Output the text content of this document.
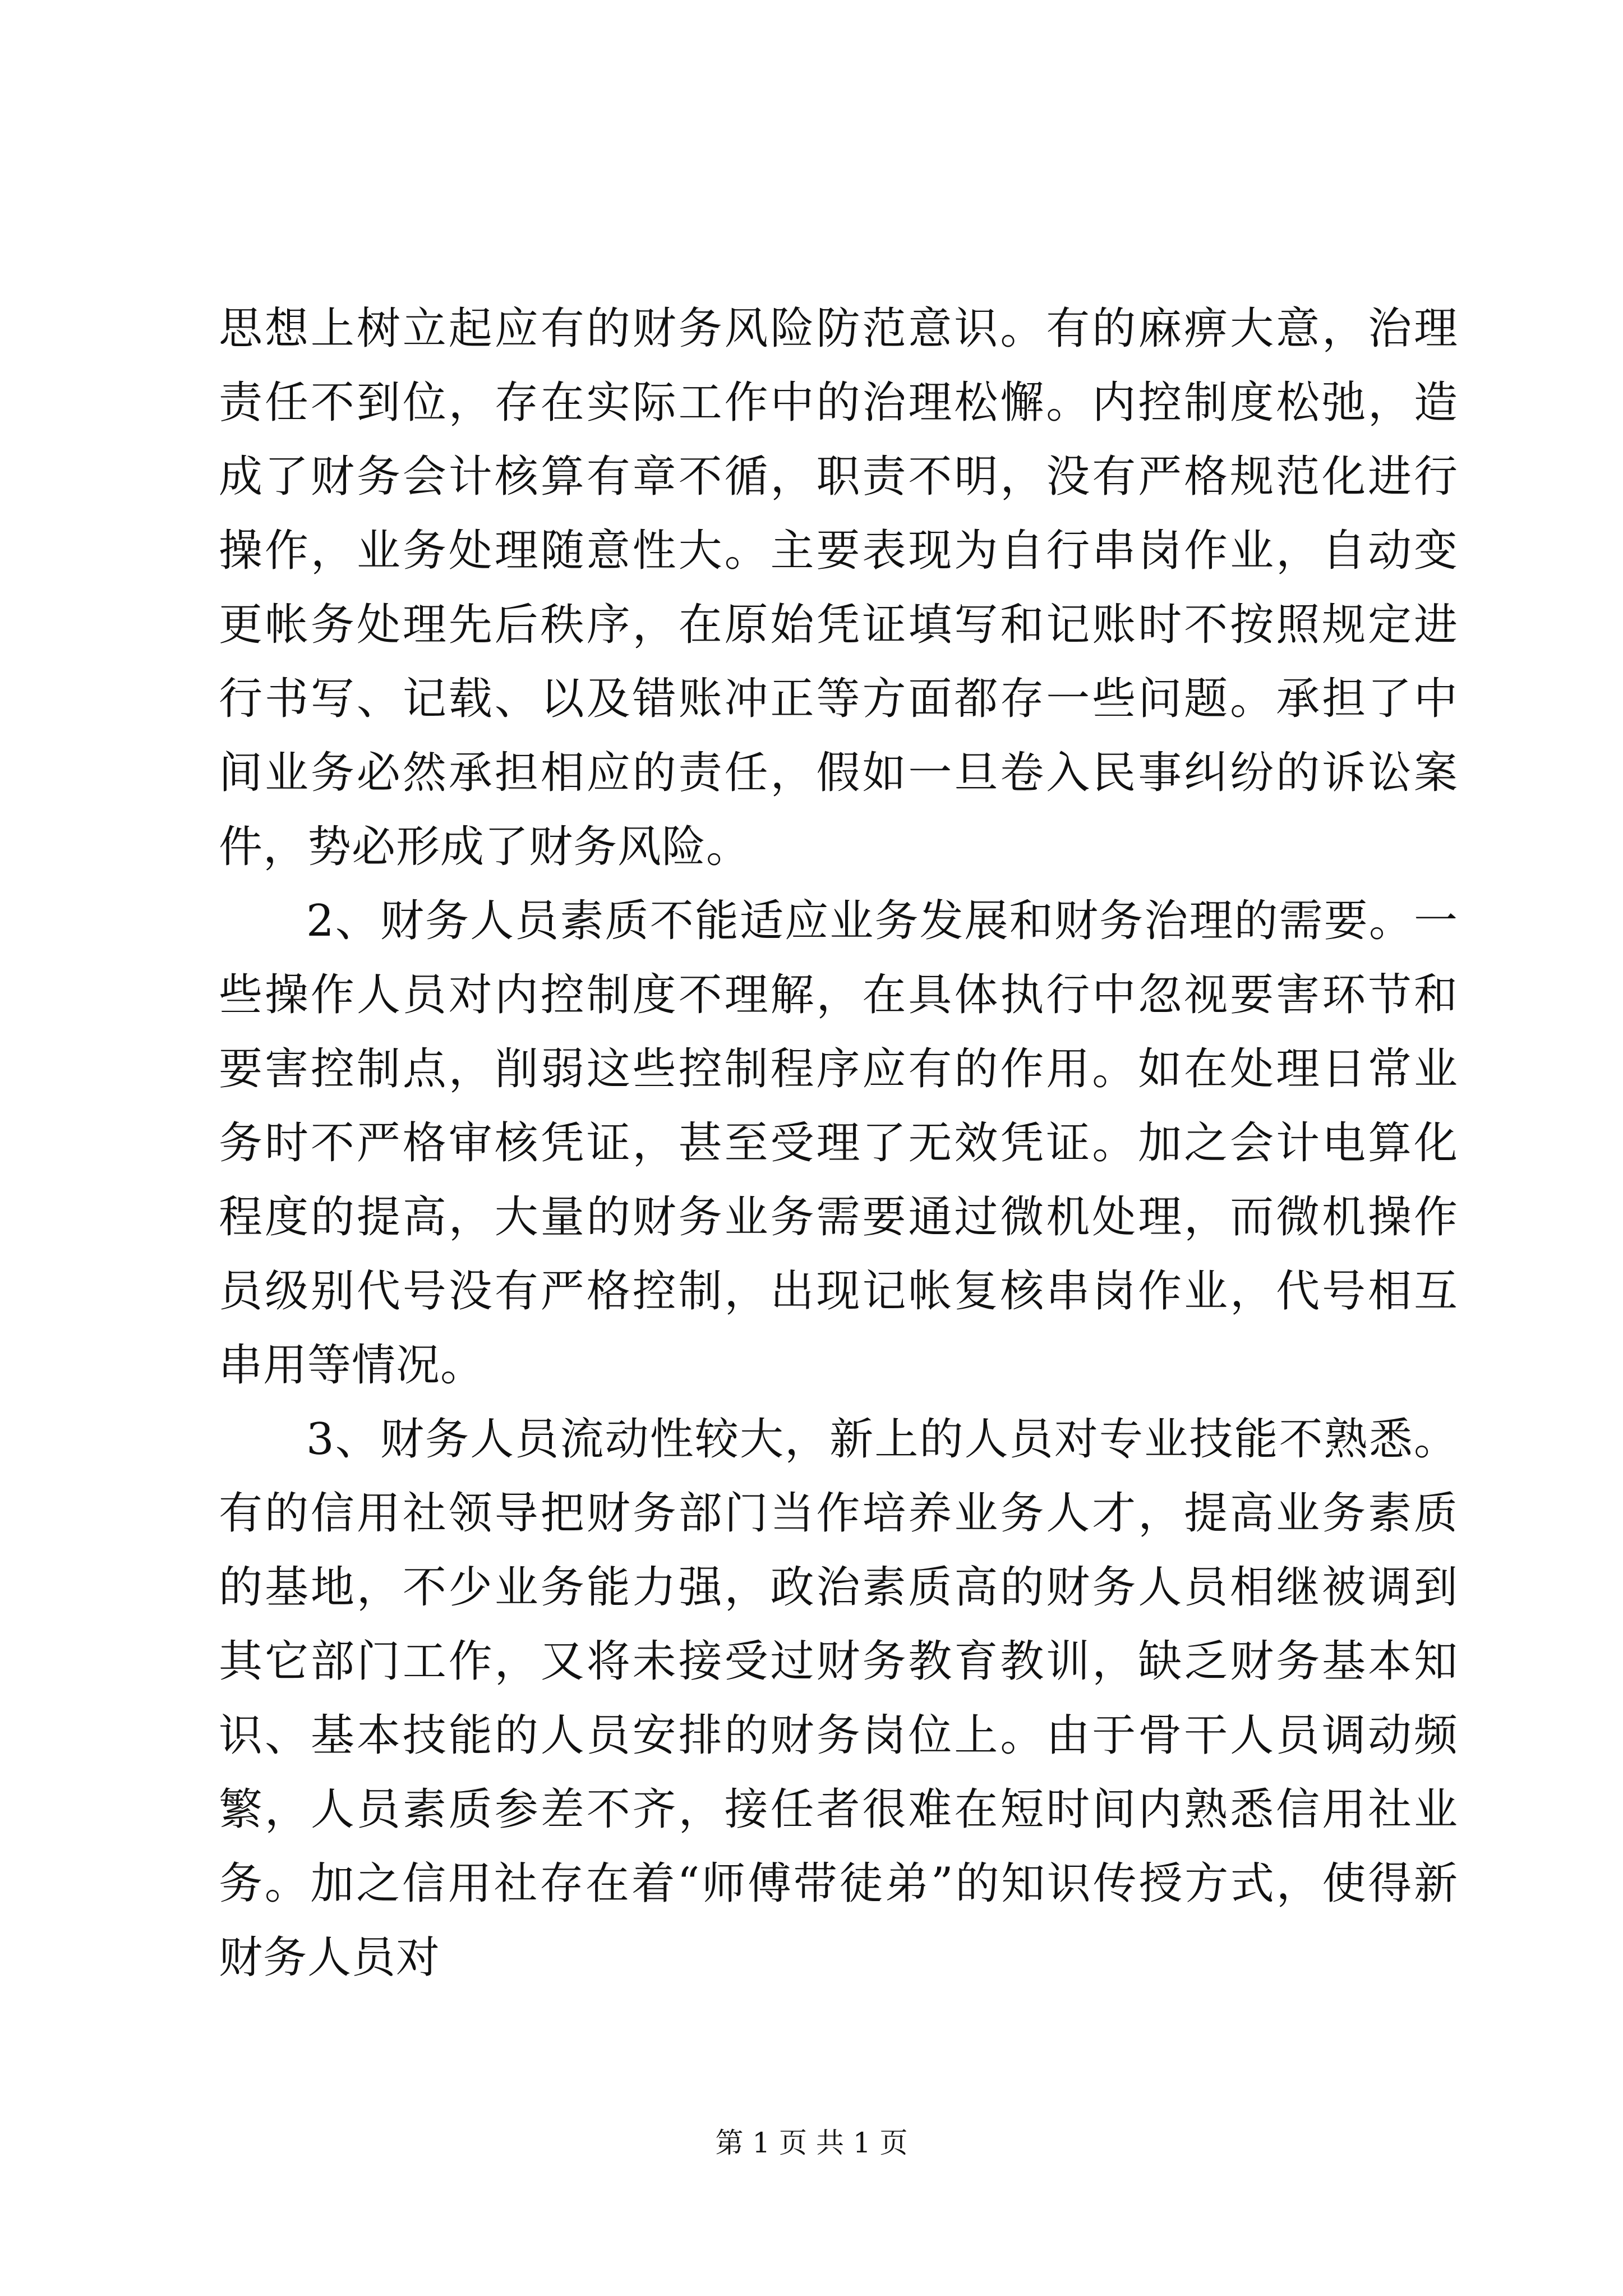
思想上树立起应有的财务风险防范意识。有的麻痹大意，治理责任不到位，存在实际工作中的治理松懈。内控制度松弛，造成了财务会计核算有章不循，职责不明，没有严格规范化进行操作，业务处理随意性大。主要表现为自行串岗作业，自动变更帐务处理先后秩序，在原始凭证填写和记账时不按照规定进行书写、记载、以及错账冲正等方面都存一些问题。承担了中间业务必然承担相应的责任，假如一旦卷入民事纠纷的诉讼案件，势必形成了财务风险。

2、财务人员素质不能适应业务发展和财务治理的需要。一些操作人员对内控制度不理解，在具体执行中忽视要害环节和要害控制点，削弱这些控制程序应有的作用。如在处理日常业务时不严格审核凭证，甚至受理了无效凭证。加之会计电算化程度的提高，大量的财务业务需要通过微机处理，而微机操作员级别代号没有严格控制，出现记帐复核串岗作业，代号相互串用等情况。

3、财务人员流动性较大，新上的人员对专业技能不熟悉。有的信用社领导把财务部门当作培养业务人才，提高业务素质的基地，不少业务能力强，政治素质高的财务人员相继被调到其它部门工作，又将未接受过财务教育教训，缺乏财务基本知识、基本技能的人员安排的财务岗位上。由于骨干人员调动频繁，人员素质参差不齐，接任者很难在短时间内熟悉信用社业务。加之信用社存在着“师傅带徒弟”的知识传授方式，使得新财务人员对

第 1 页 共 1 页
